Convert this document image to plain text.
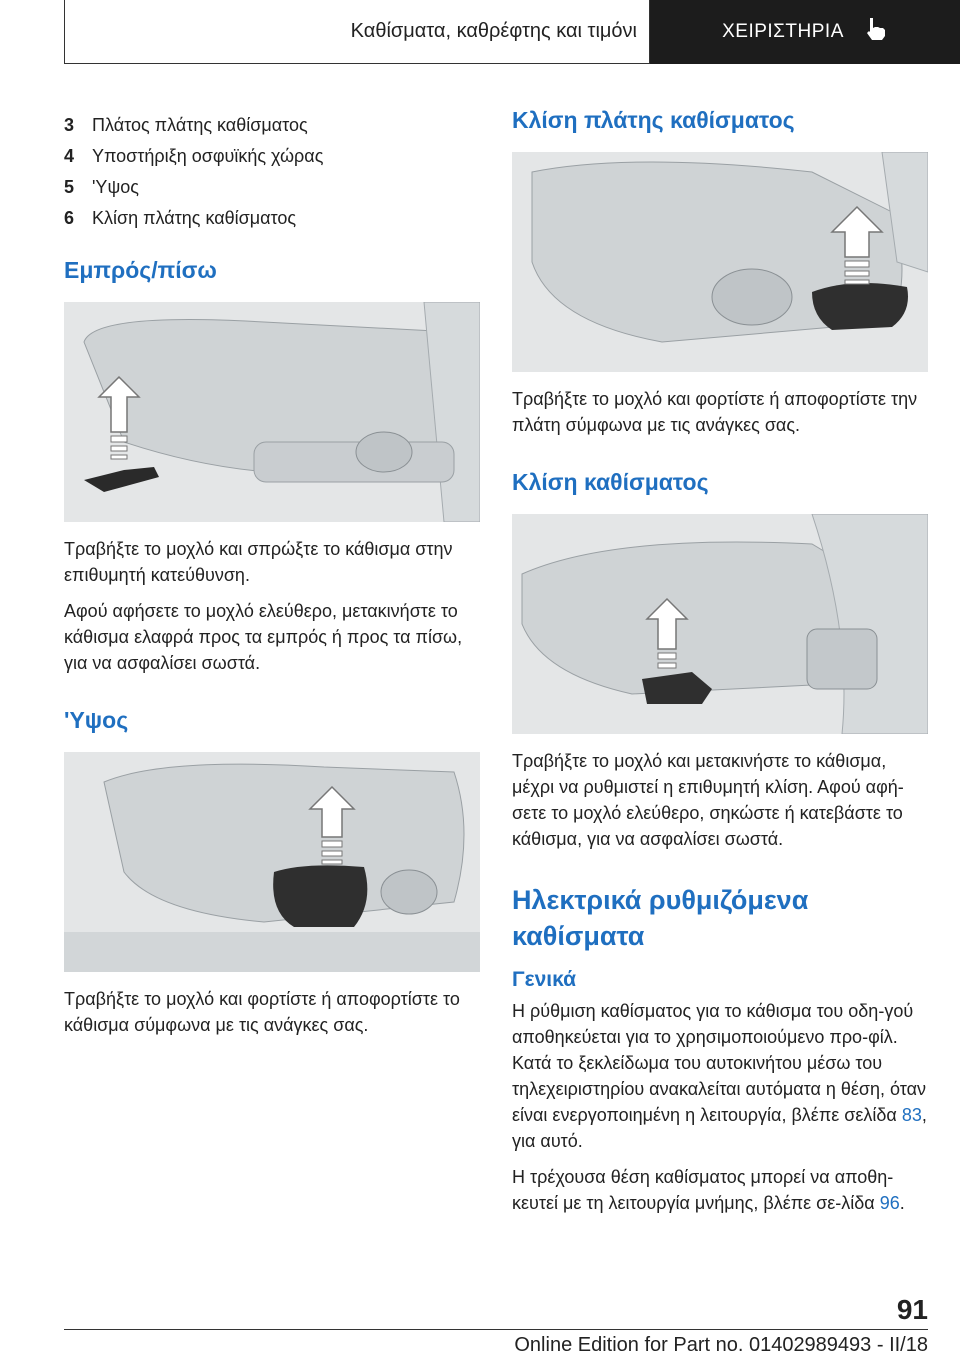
Καθίσματα, καθρέφτης και τιμόνι	ΧΕΙΡΙΣΤΗΡΙΑ
3 Πλάτος πλάτης καθίσματος
4 Υποστήριξη οσφυϊκής χώρας
5 'Υψος
6 Κλίση πλάτης καθίσματος
Εμπρός/πίσω

Τραβήξτε το μοχλό και σπρώξτε το κάθισμα στην επιθυμητή κατεύθυνση.

Αφού αφήσετε το μοχλό ελεύθερο, μετακινήστε το κάθισμα ελαφρά προς τα εμπρός ή προς τα πίσω, για να ασφαλίσει σωστά.

'Υψος

Τραβήξτε το μοχλό και φορτίστε ή αποφορτίστε το κάθισμα σύμφωνα με τις ανάγκες σας.

Κλίση πλάτης καθίσματος

Τραβήξτε το μοχλό και φορτίστε ή αποφορτίστε την πλάτη σύμφωνα με τις ανάγκες σας.

Κλίση καθίσματος

Τραβήξτε το μοχλό και μετακινήστε το κάθισμα, μέχρι να ρυθμιστεί η επιθυμητή κλίση. Αφού αφή-σετε το μοχλό ελεύθερο, σηκώστε ή κατεβάστε το κάθισμα, για να ασφαλίσει σωστά.

Ηλεκτρικά ρυθμιζόμενα καθίσματα
Γενικά

Η ρύθμιση καθίσματος για το κάθισμα του οδη-γού αποθηκεύεται για το χρησιμοποιούμενο προ-φίλ. Κατά το ξεκλείδωμα του αυτοκινήτου μέσω του τηλεχειριστηρίου ανακαλείται αυτόματα η θέση, όταν είναι ενεργοποιημένη η λειτουργία, βλέπε σελίδα 83, για αυτό.

Η τρέχουσα θέση καθίσματος μπορεί να αποθη-κευτεί με τη λειτουργία μνήμης, βλέπε σε-λίδα 96.

91
Online Edition for Part no. 01402989493 - II/18
